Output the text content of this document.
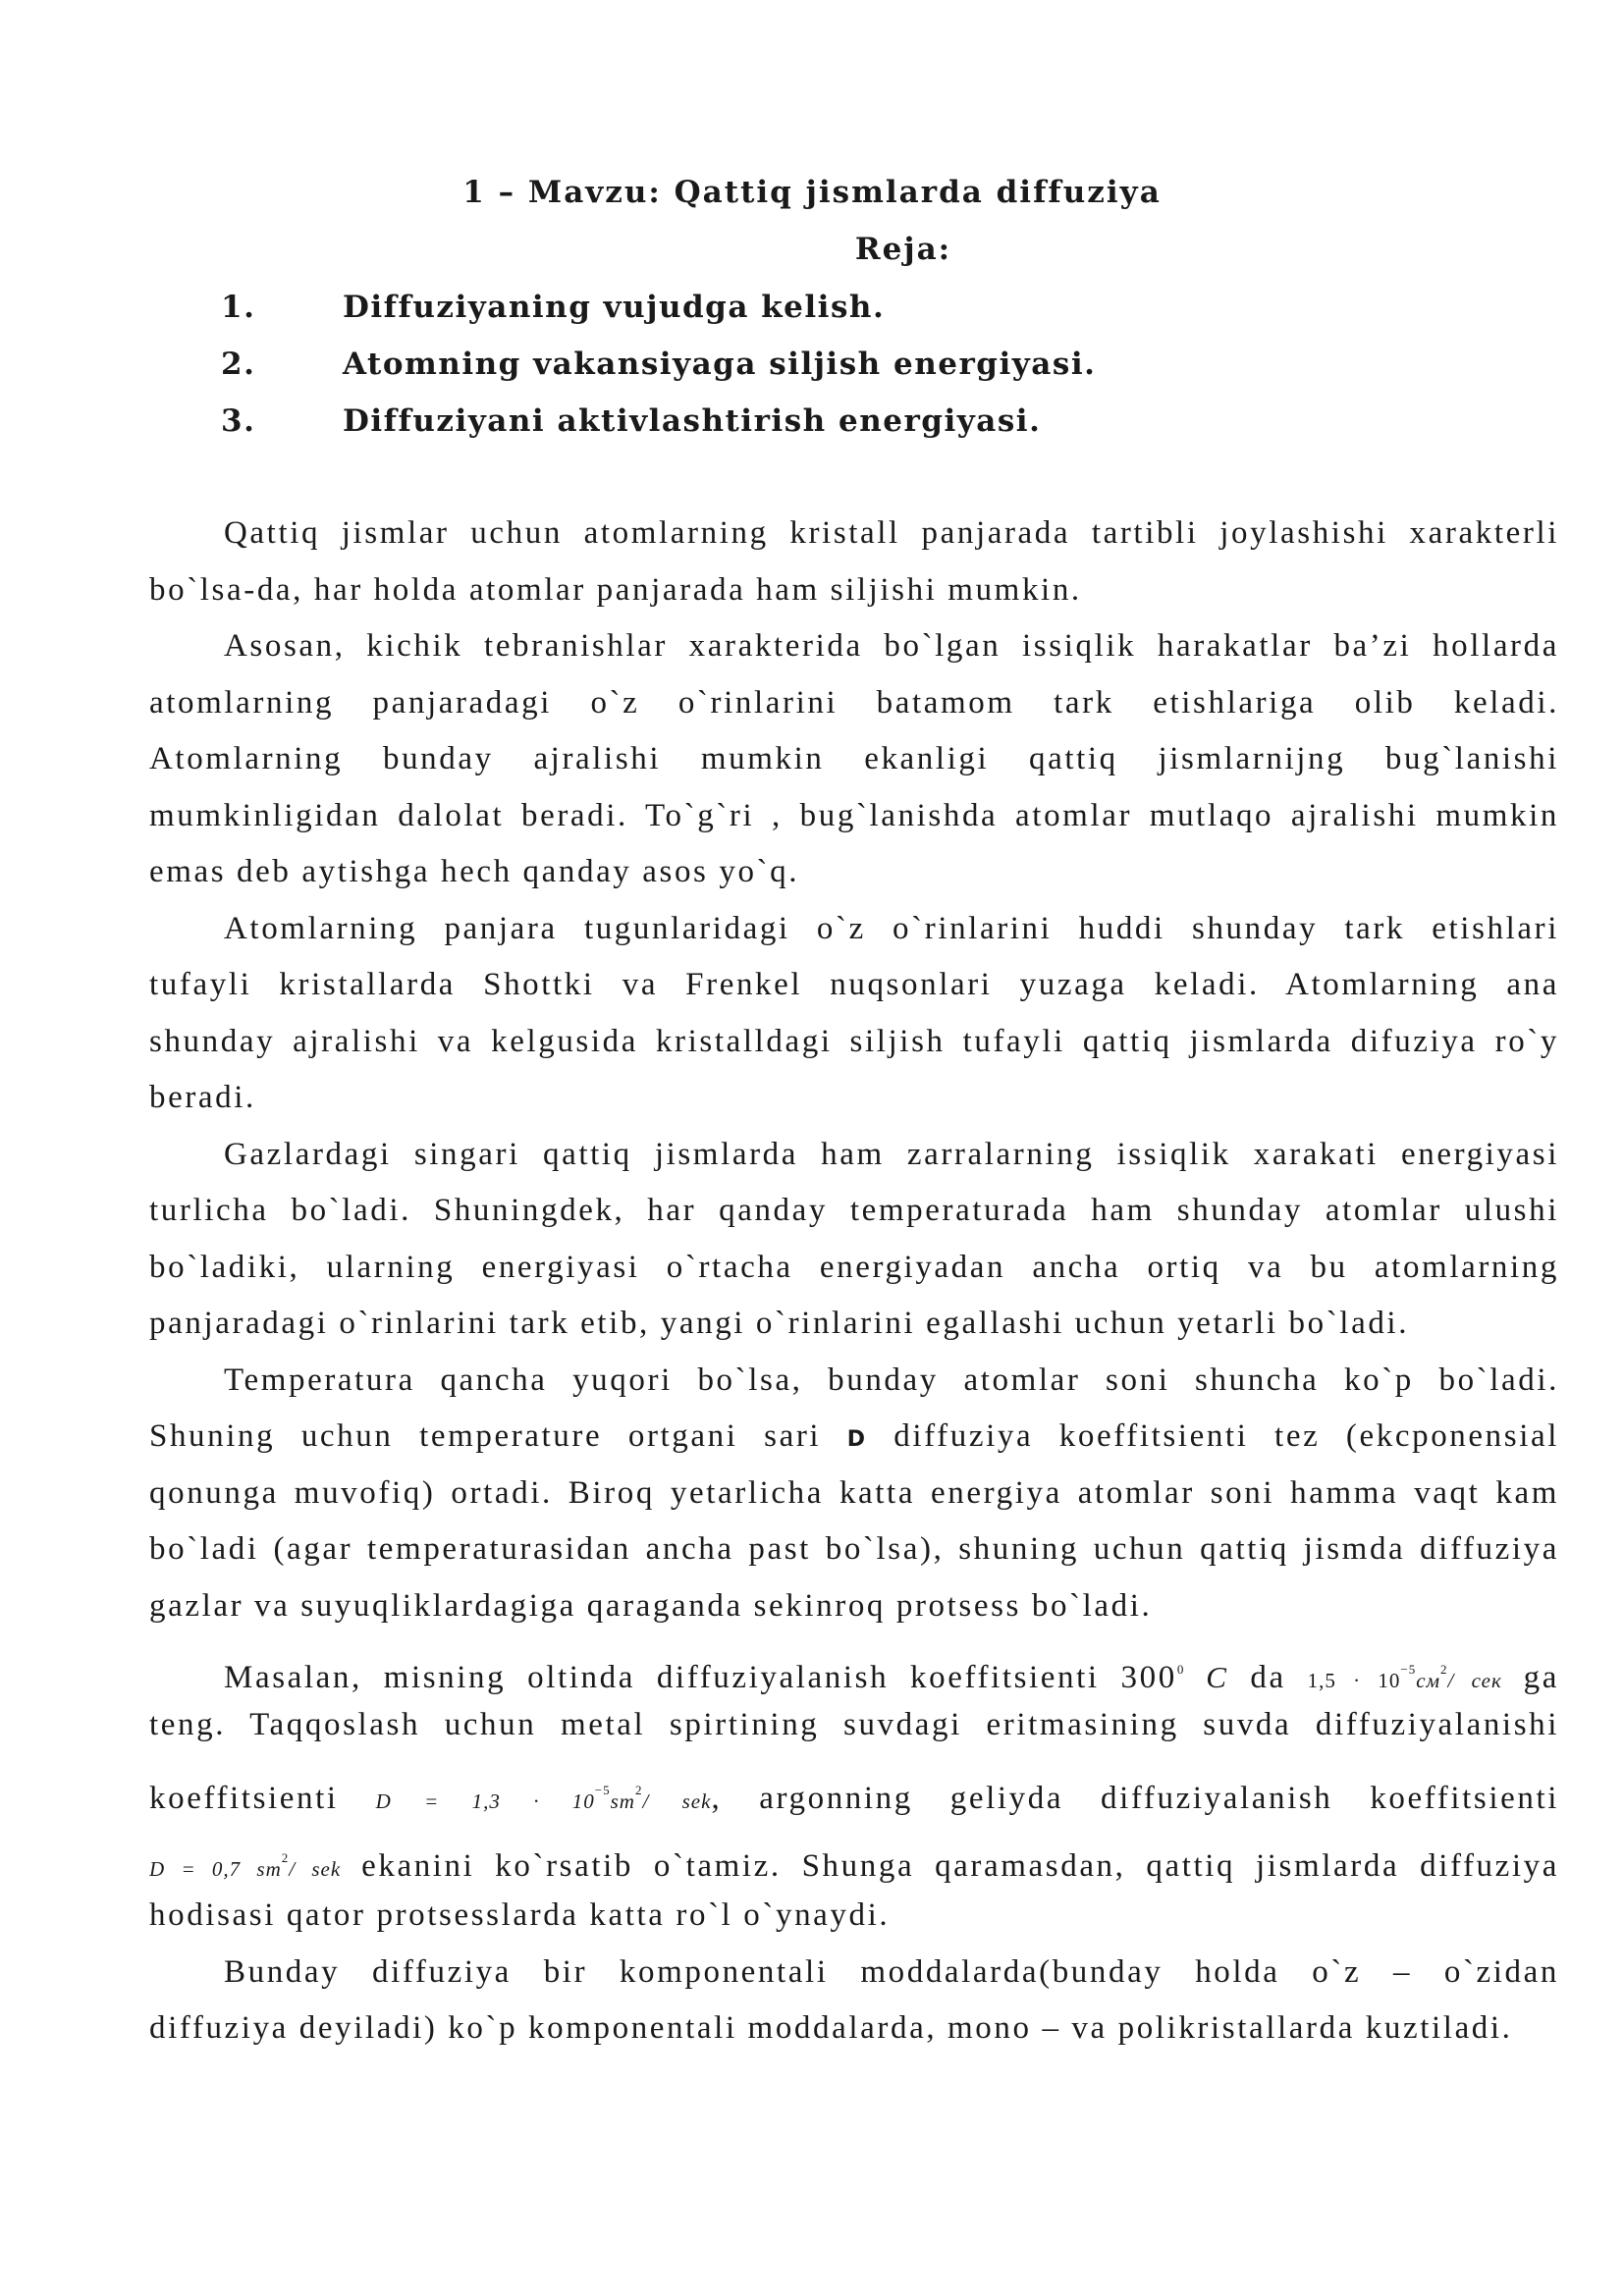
1 – Mavzu: Qattiq jismlarda diffuziya
Reja:
1.	Diffuziyaning vujudga kelish.
2.	Atomning vakansiyaga siljish energiyasi.
3.	Diffuziyani aktivlashtirish energiyasi.
Qattiq jismlar uchun atomlarning kristall panjarada tartibli joylashishi xarakterli
bo`lsa-da, har holda atomlar panjarada ham siljishi mumkin.
Asosan, kichik tebranishlar xarakterida bo`lgan issiqlik harakatlar ba’zi hollarda
atomlarning panjaradagi o`z o`rinlarini batamom tark etishlariga olib keladi.
Atomlarning bunday ajralishi mumkin ekanligi qattiq jismlarnijng bug`lanishi
mumkinligidan dalolat beradi. To`g`ri , bug`lanishda atomlar mutlaqo ajralishi mumkin
emas deb aytishga hech qanday asos yo`q.
Atomlarning panjara tugunlaridagi o`z o`rinlarini huddi shunday tark etishlari
tufayli kristallarda Shottki va Frenkel nuqsonlari yuzaga keladi. Atomlarning ana
shunday ajralishi va kelgusida kristalldagi siljish tufayli qattiq jismlarda difuziya ro`y
beradi.
Gazlardagi singari qattiq jismlarda ham zarralarning issiqlik xarakati energiyasi
turlicha bo`ladi. Shuningdek, har qanday temperaturada ham shunday atomlar ulushi
bo`ladiki, ularning energiyasi o`rtacha energiyadan ancha ortiq va bu atomlarning
panjaradagi o`rinlarini tark etib, yangi o`rinlarini egallashi uchun yetarli bo`ladi.
Temperatura qancha yuqori bo`lsa, bunday atomlar soni shuncha ko`p bo`ladi.
Shuning uchun temperature ortgani sari D diffuziya koeffitsienti tez (ekcponensial
qonunga muvofiq) ortadi. Biroq yetarlicha katta energiya atomlar soni hamma vaqt kam
bo`ladi (agar temperaturasidan ancha past bo`lsa), shuning uchun qattiq jismda diffuziya
gazlar va suyuqliklardagiga qaraganda sekinroq protsess bo`ladi.
Masalan, misning oltinda diffuziyalanish koeffitsienti $300^0$ C da $1,5 \cdot 10^{-5}см^2/$ сек ga
teng. Taqqoslash uchun metal spirtining suvdagi eritmasining suvda diffuziyalanishi
koeffitsienti $D = 1,3 \cdot 10^{-5}sm^2/$ sek, argonning geliyda diffuziyalanish koeffitsienti
D = 0,7 $sm^2/$ sek ekanini ko`rsatib o`tamiz. Shunga qaramasdan, qattiq jismlarda diffuziya
hodisasi qator protsesslarda katta ro`l o`ynaydi.
Bunday diffuziya bir komponentali moddalarda(bunday holda o`z – o`zidan
diffuziya deyiladi) ko`p komponentali moddalarda, mono – va polikristallarda kuztiladi.
